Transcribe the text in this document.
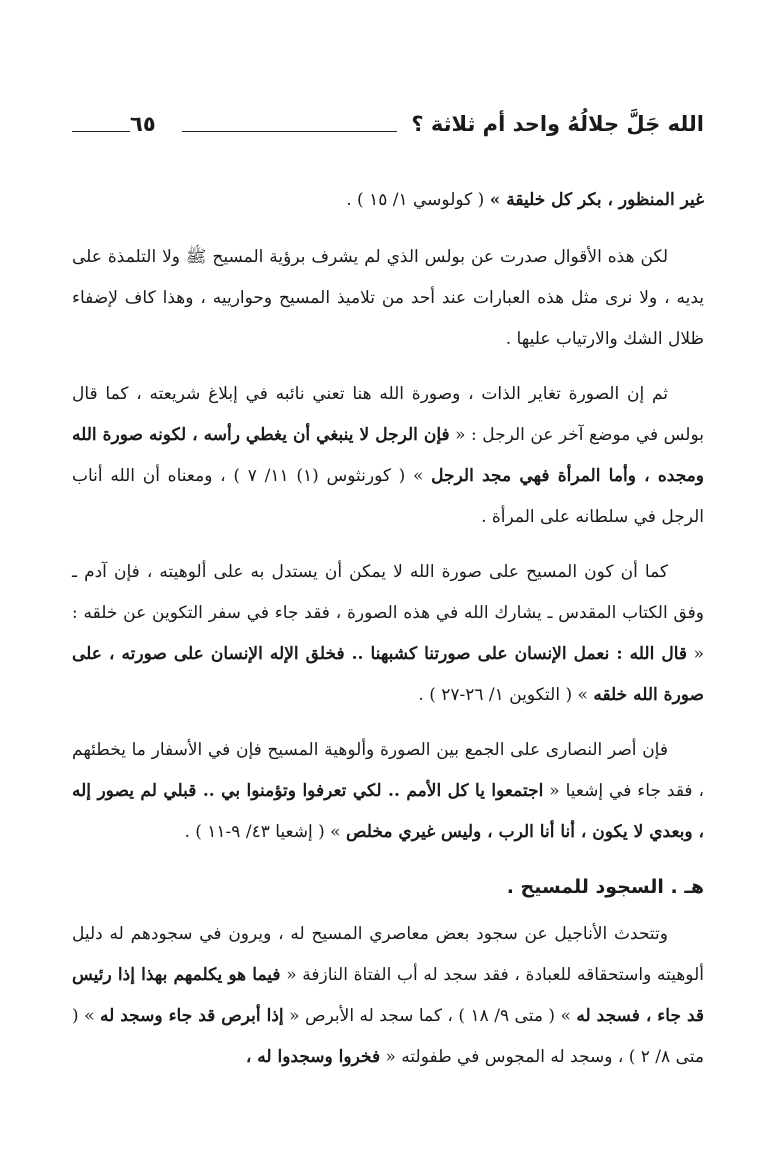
الله جَلَّ جلالُهُ واحد أم ثلاثة ؟
٦٥

غير المنظور ، بكر كل خليقة » ( كولوسي ١/ ١٥ ) .

لكن هذه الأقوال صدرت عن بولس الذي لم يشرف برؤية المسيح ﷺ ولا التلمذة على يديه ، ولا نرى مثل هذه العبارات عند أحد من تلاميذ المسيح وحوارييه ، وهذا كاف لإضفاء ظلال الشك والارتياب عليها .

ثم إن الصورة تغاير الذات ، وصورة الله هنا تعني نائبه في إبلاغ شريعته ، كما قال بولس في موضع آخر عن الرجل : « فإن الرجل لا ينبغي أن يغطي رأسه ، لكونه صورة الله ومجده ، وأما المرأة فهي مجد الرجل » ( كورنثوس (١) ١١/ ٧ ) ، ومعناه أن الله أناب الرجل في سلطانه على المرأة .

كما أن كون المسيح على صورة الله لا يمكن أن يستدل به على ألوهيته ، فإن آدم ـ وفق الكتاب المقدس ـ يشارك الله في هذه الصورة ، فقد جاء في سفر التكوين عن خلقه : « قال الله : نعمل الإنسان على صورتنا كشبهنا .. فخلق الإله الإنسان على صورته ، على صورة الله خلقه » ( التكوين ١/ ٢٦-٢٧ ) .

فإن أصر النصارى على الجمع بين الصورة وألوهية المسيح فإن في الأسفار ما يخطئهم ، فقد جاء في إشعيا « اجتمعوا يا كل الأمم .. لكي تعرفوا وتؤمنوا بي .. قبلي لم يصور إله ، وبعدي لا يكون ، أنا أنا الرب ، وليس غيري مخلص » ( إشعيا ٤٣/ ٩-١١ ) .

هـ . السجود للمسيح .

وتتحدث الأناجيل عن سجود بعض معاصري المسيح له ، ويرون في سجودهم له دليل ألوهيته واستحقاقه للعبادة ، فقد سجد له أب الفتاة النازفة « فيما هو يكلمهم بهذا إذا رئيس قد جاء ، فسجد له » ( متى ٩/ ١٨ ) ، كما سجد له الأبرص « إذا أبرص قد جاء وسجد له » ( متى ٨/ ٢ ) ، وسجد له المجوس في طفولته « فخروا وسجدوا له ،
